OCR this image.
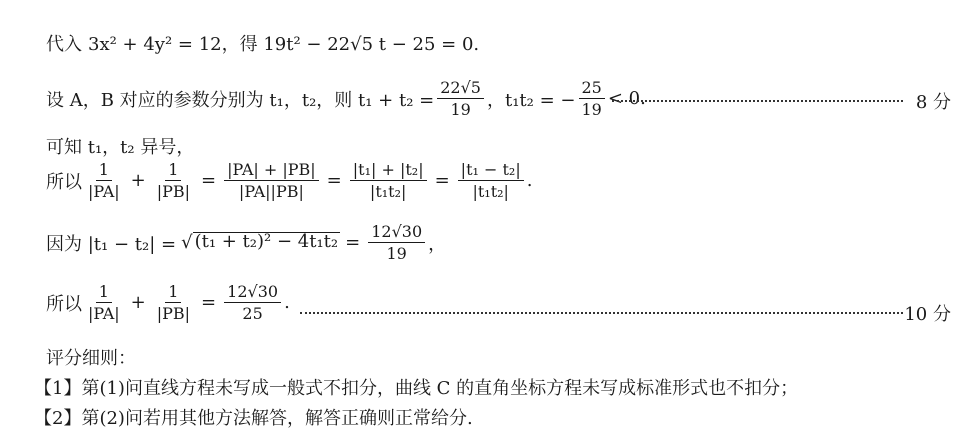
代入 3x² + 4y² = 12，得 19t² − 22√5 t − 25 = 0.
设 A，B 对应的参数分别为 t₁，t₂，则 $t_1 + t_2 = \frac{22√5}{19}$ ，t₁t₂ = − $\frac{25}{19} < 0$.	8 分
可知 t₁，t₂ 异号，
所以 $\frac{1}{|PA|} + \frac{1}{|PB|} = \frac{|PA| + |PB|}{|PA||PB|} = \frac{\text{|t₁| + |t₂|}}{\text{|t₁t₂|}} = \frac{\text{|t₁ − t₂|}}{\text{|t₁t₂|}}$ .
因为 |t₁ − t₂| = √ $(t_1 + t_2)^2 - 4t_1t_2 = \frac{12√30}{19}$ ，
所以 $\frac{1}{|PA|} + \frac{1}{|PB|} = \frac{12√30}{25}$ .
10 分
评分细则：
【1】第(1)问直线方程未写成一般式不扣分，曲线 C 的直角坐标方程未写成标准形式也不扣分；
【2】第(2)问若用其他方法解答，解答正确则正常给分.
